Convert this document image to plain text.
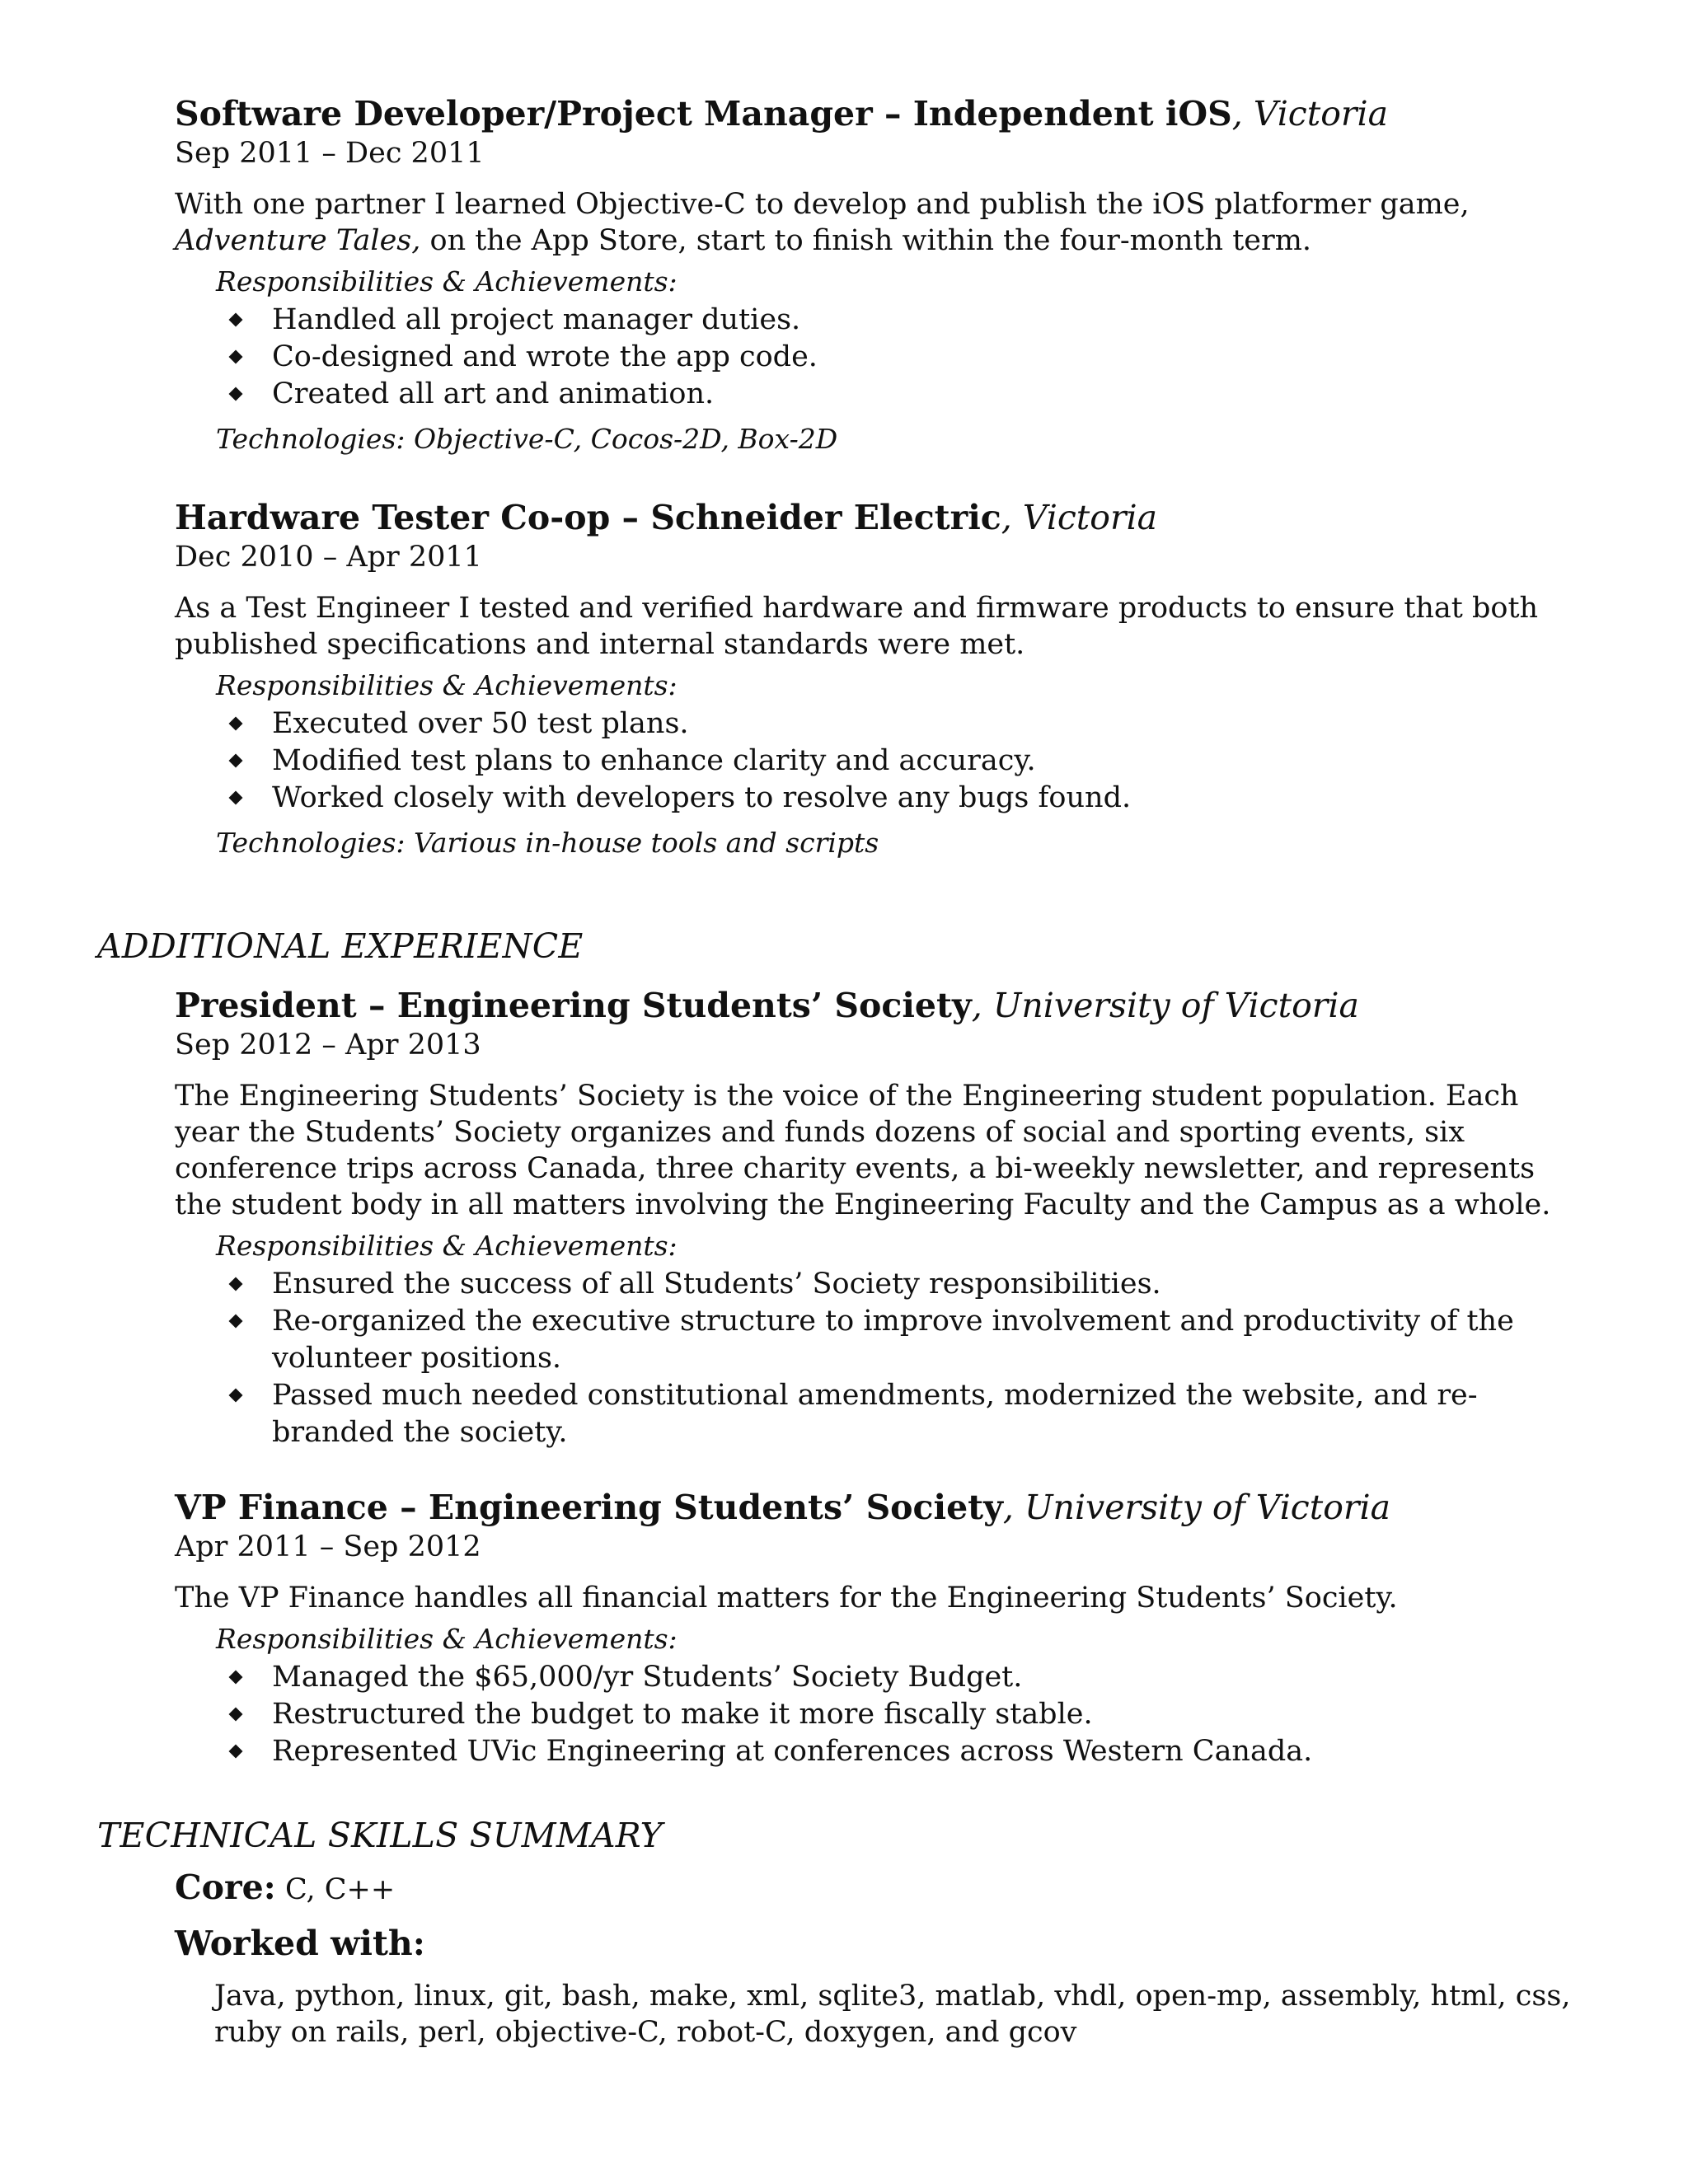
Software Developer/Project Manager – Independent iOS, Victoria

Sep 2011 – Dec 2011

With one partner I learned Objective-C to develop and publish the iOS platformer game, Adventure Tales, on the App Store, start to finish within the four-month term.

Responsibilities & Achievements:

Handled all project manager duties.
Co-designed and wrote the app code.
Created all art and animation.

Technologies: Objective-C, Cocos-2D, Box-2D

Hardware Tester Co-op – Schneider Electric, Victoria

Dec 2010 – Apr 2011

As a Test Engineer I tested and verified hardware and firmware products to ensure that both published specifications and internal standards were met.

Responsibilities & Achievements:

Executed over 50 test plans.
Modified test plans to enhance clarity and accuracy.
Worked closely with developers to resolve any bugs found.

Technologies: Various in-house tools and scripts

ADDITIONAL EXPERIENCE

President – Engineering Students’ Society, University of Victoria

Sep 2012 – Apr 2013

The Engineering Students’ Society is the voice of the Engineering student population. Each year the Students’ Society organizes and funds dozens of social and sporting events, six conference trips across Canada, three charity events, a bi-weekly newsletter, and represents the student body in all matters involving the Engineering Faculty and the Campus as a whole.

Responsibilities & Achievements:

Ensured the success of all Students’ Society responsibilities.
Re-organized the executive structure to improve involvement and productivity of the volunteer positions.
Passed much needed constitutional amendments, modernized the website, and re-branded the society.

VP Finance – Engineering Students’ Society, University of Victoria

Apr 2011 – Sep 2012

The VP Finance handles all financial matters for the Engineering Students’ Society.

Responsibilities & Achievements:

Managed the $65,000/yr Students’ Society Budget.
Restructured the budget to make it more fiscally stable.
Represented UVic Engineering at conferences across Western Canada.
TECHNICAL SKILLS SUMMARY

Core: C, C++

Worked with:

Java, python, linux, git, bash, make, xml, sqlite3, matlab, vhdl, open-mp, assembly, html, css, ruby on rails, perl, objective-C, robot-C, doxygen, and gcov
